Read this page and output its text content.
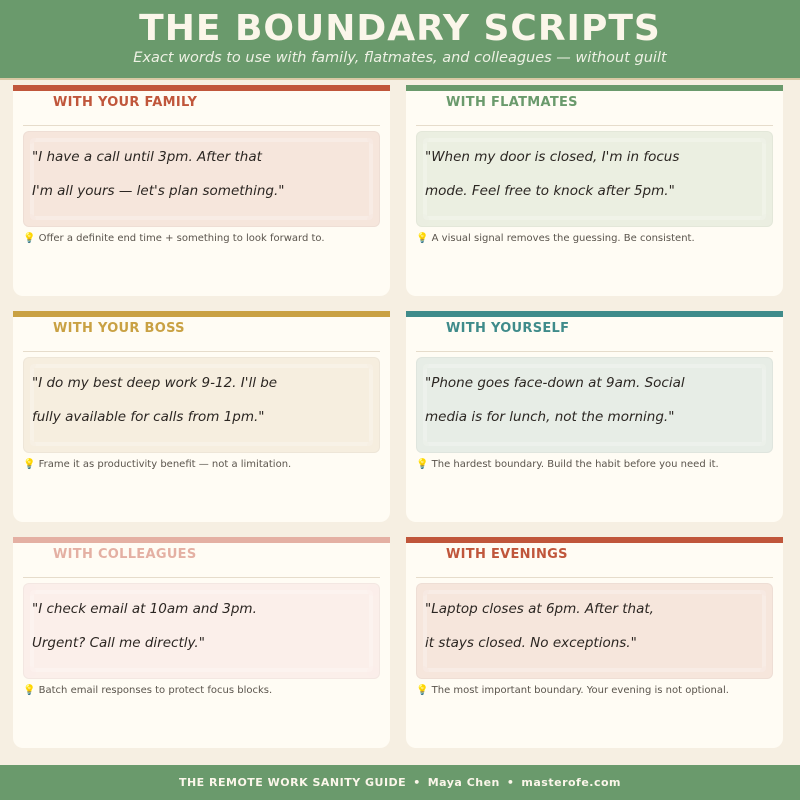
THE BOUNDARY SCRIPTS
Exact words to use with family, flatmates, and colleagues — without guilt
WITH YOUR FAMILY
"I have a call until 3pm. After that
I'm all yours — let's plan something."
💡 Offer a definite end time + something to look forward to.
WITH FLATMATES
"When my door is closed, I'm in focus
mode. Feel free to knock after 5pm."
💡 A visual signal removes the guessing. Be consistent.
WITH YOUR BOSS
"I do my best deep work 9-12. I'll be
fully available for calls from 1pm."
💡 Frame it as productivity benefit — not a limitation.
WITH YOURSELF
"Phone goes face-down at 9am. Social
media is for lunch, not the morning."
💡 The hardest boundary. Build the habit before you need it.
WITH COLLEAGUES
"I check email at 10am and 3pm.
Urgent? Call me directly."
💡 Batch email responses to protect focus blocks.
WITH EVENINGS
"Laptop closes at 6pm. After that,
it stays closed. No exceptions."
💡 The most important boundary. Your evening is not optional.
THE REMOTE WORK SANITY GUIDE • Maya Chen • masterofe.com
